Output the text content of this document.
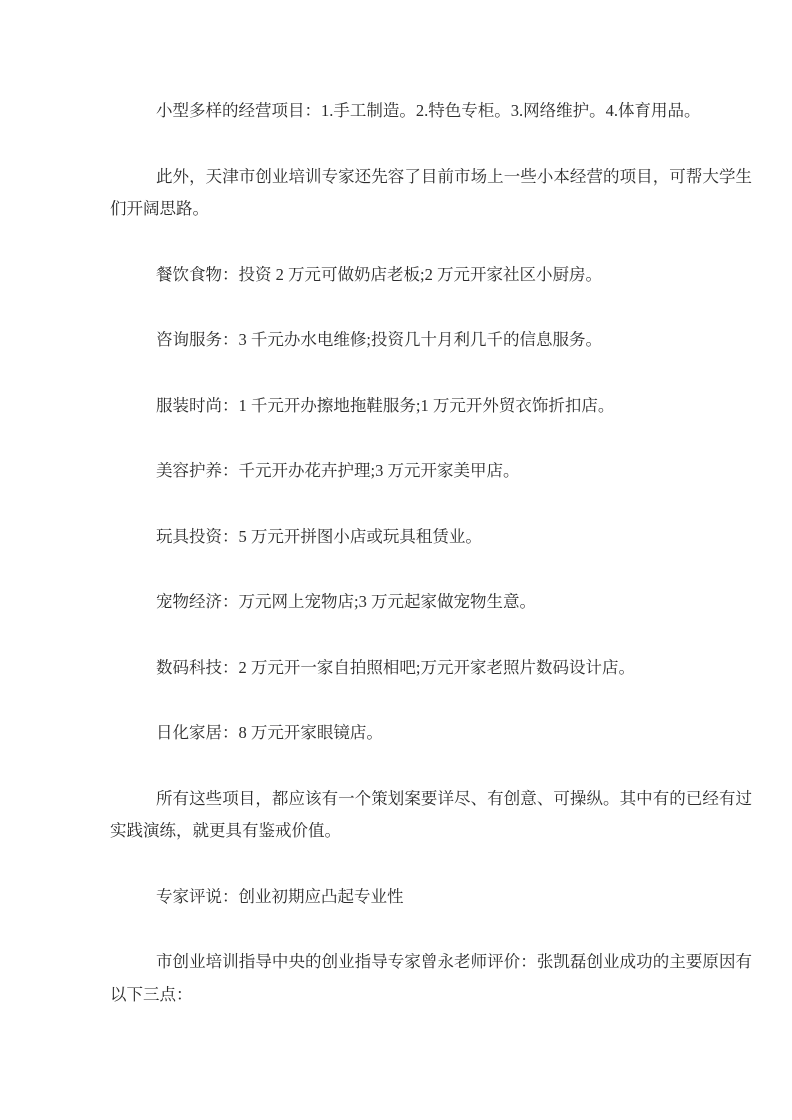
小型多样的经营项目：1.手工制造。2.特色专柜。3.网络维护。4.体育用品。

此外，天津市创业培训专家还先容了目前市场上一些小本经营的项目，可帮大学生们开阔思路。

餐饮食物：投资 2 万元可做奶店老板;2 万元开家社区小厨房。

咨询服务：3 千元办水电维修;投资几十月利几千的信息服务。

服装时尚：1 千元开办擦地拖鞋服务;1 万元开外贸衣饰折扣店。

美容护养：千元开办花卉护理;3 万元开家美甲店。

玩具投资：5 万元开拼图小店或玩具租赁业。

宠物经济：万元网上宠物店;3 万元起家做宠物生意。

数码科技：2 万元开一家自拍照相吧;万元开家老照片数码设计店。

日化家居：8 万元开家眼镜店。

所有这些项目，都应该有一个策划案要详尽、有创意、可操纵。其中有的已经有过实践演练，就更具有鉴戒价值。

专家评说：创业初期应凸起专业性

市创业培训指导中央的创业指导专家曾永老师评价：张凯磊创业成功的主要原因有以下三点：
